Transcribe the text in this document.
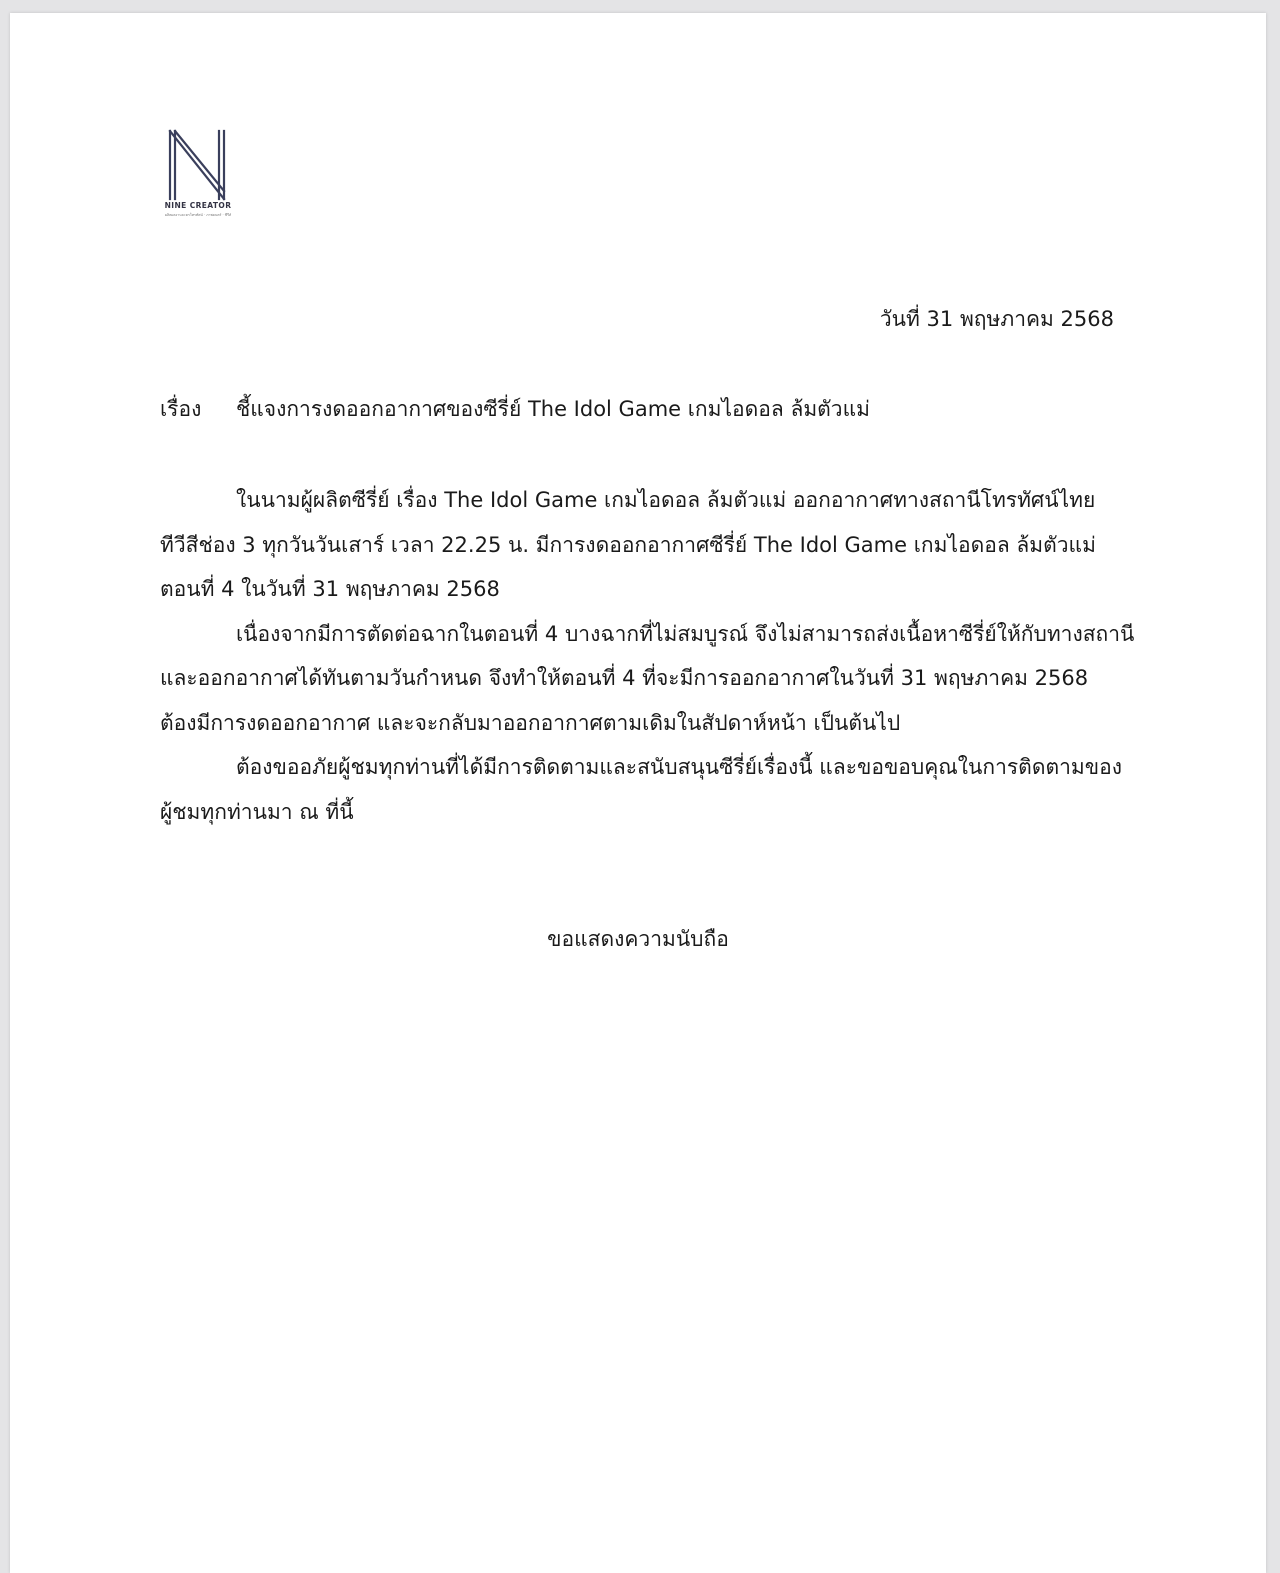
NINE CREATOR
ผลิตผลงานละครโทรทัศน์ · ภาพยนตร์ · ซีรีส์
วันที่ 31 พฤษภาคม 2568
เรื่อง ชี้แจงการงดออกอากาศของซีรี่ย์ The Idol Game เกมไอดอล ล้มตัวแม่
ในนามผู้ผลิตซีรี่ย์ เรื่อง The Idol Game เกมไอดอล ล้มตัวแม่ ออกอากาศทางสถานีโทรทัศน์ไทย
ทีวีสีช่อง 3 ทุกวันวันเสาร์ เวลา 22.25 น. มีการงดออกอากาศซีรี่ย์ The Idol Game เกมไอดอล ล้มตัวแม่
ตอนที่ 4 ในวันที่ 31 พฤษภาคม 2568
เนื่องจากมีการตัดต่อฉากในตอนที่ 4 บางฉากที่ไม่สมบูรณ์ จึงไม่สามารถส่งเนื้อหาซีรี่ย์ให้กับทางสถานี
และออกอากาศได้ทันตามวันกำหนด จึงทำให้ตอนที่ 4 ที่จะมีการออกอากาศในวันที่ 31 พฤษภาคม 2568
ต้องมีการงดออกอากาศ และจะกลับมาออกอากาศตามเดิมในสัปดาห์หน้า เป็นต้นไป
ต้องขออภัยผู้ชมทุกท่านที่ได้มีการติดตามและสนับสนุนซีรี่ย์เรื่องนี้ และขอขอบคุณในการติดตามของ
ผู้ชมทุกท่านมา ณ ที่นี้
ขอแสดงความนับถือ
